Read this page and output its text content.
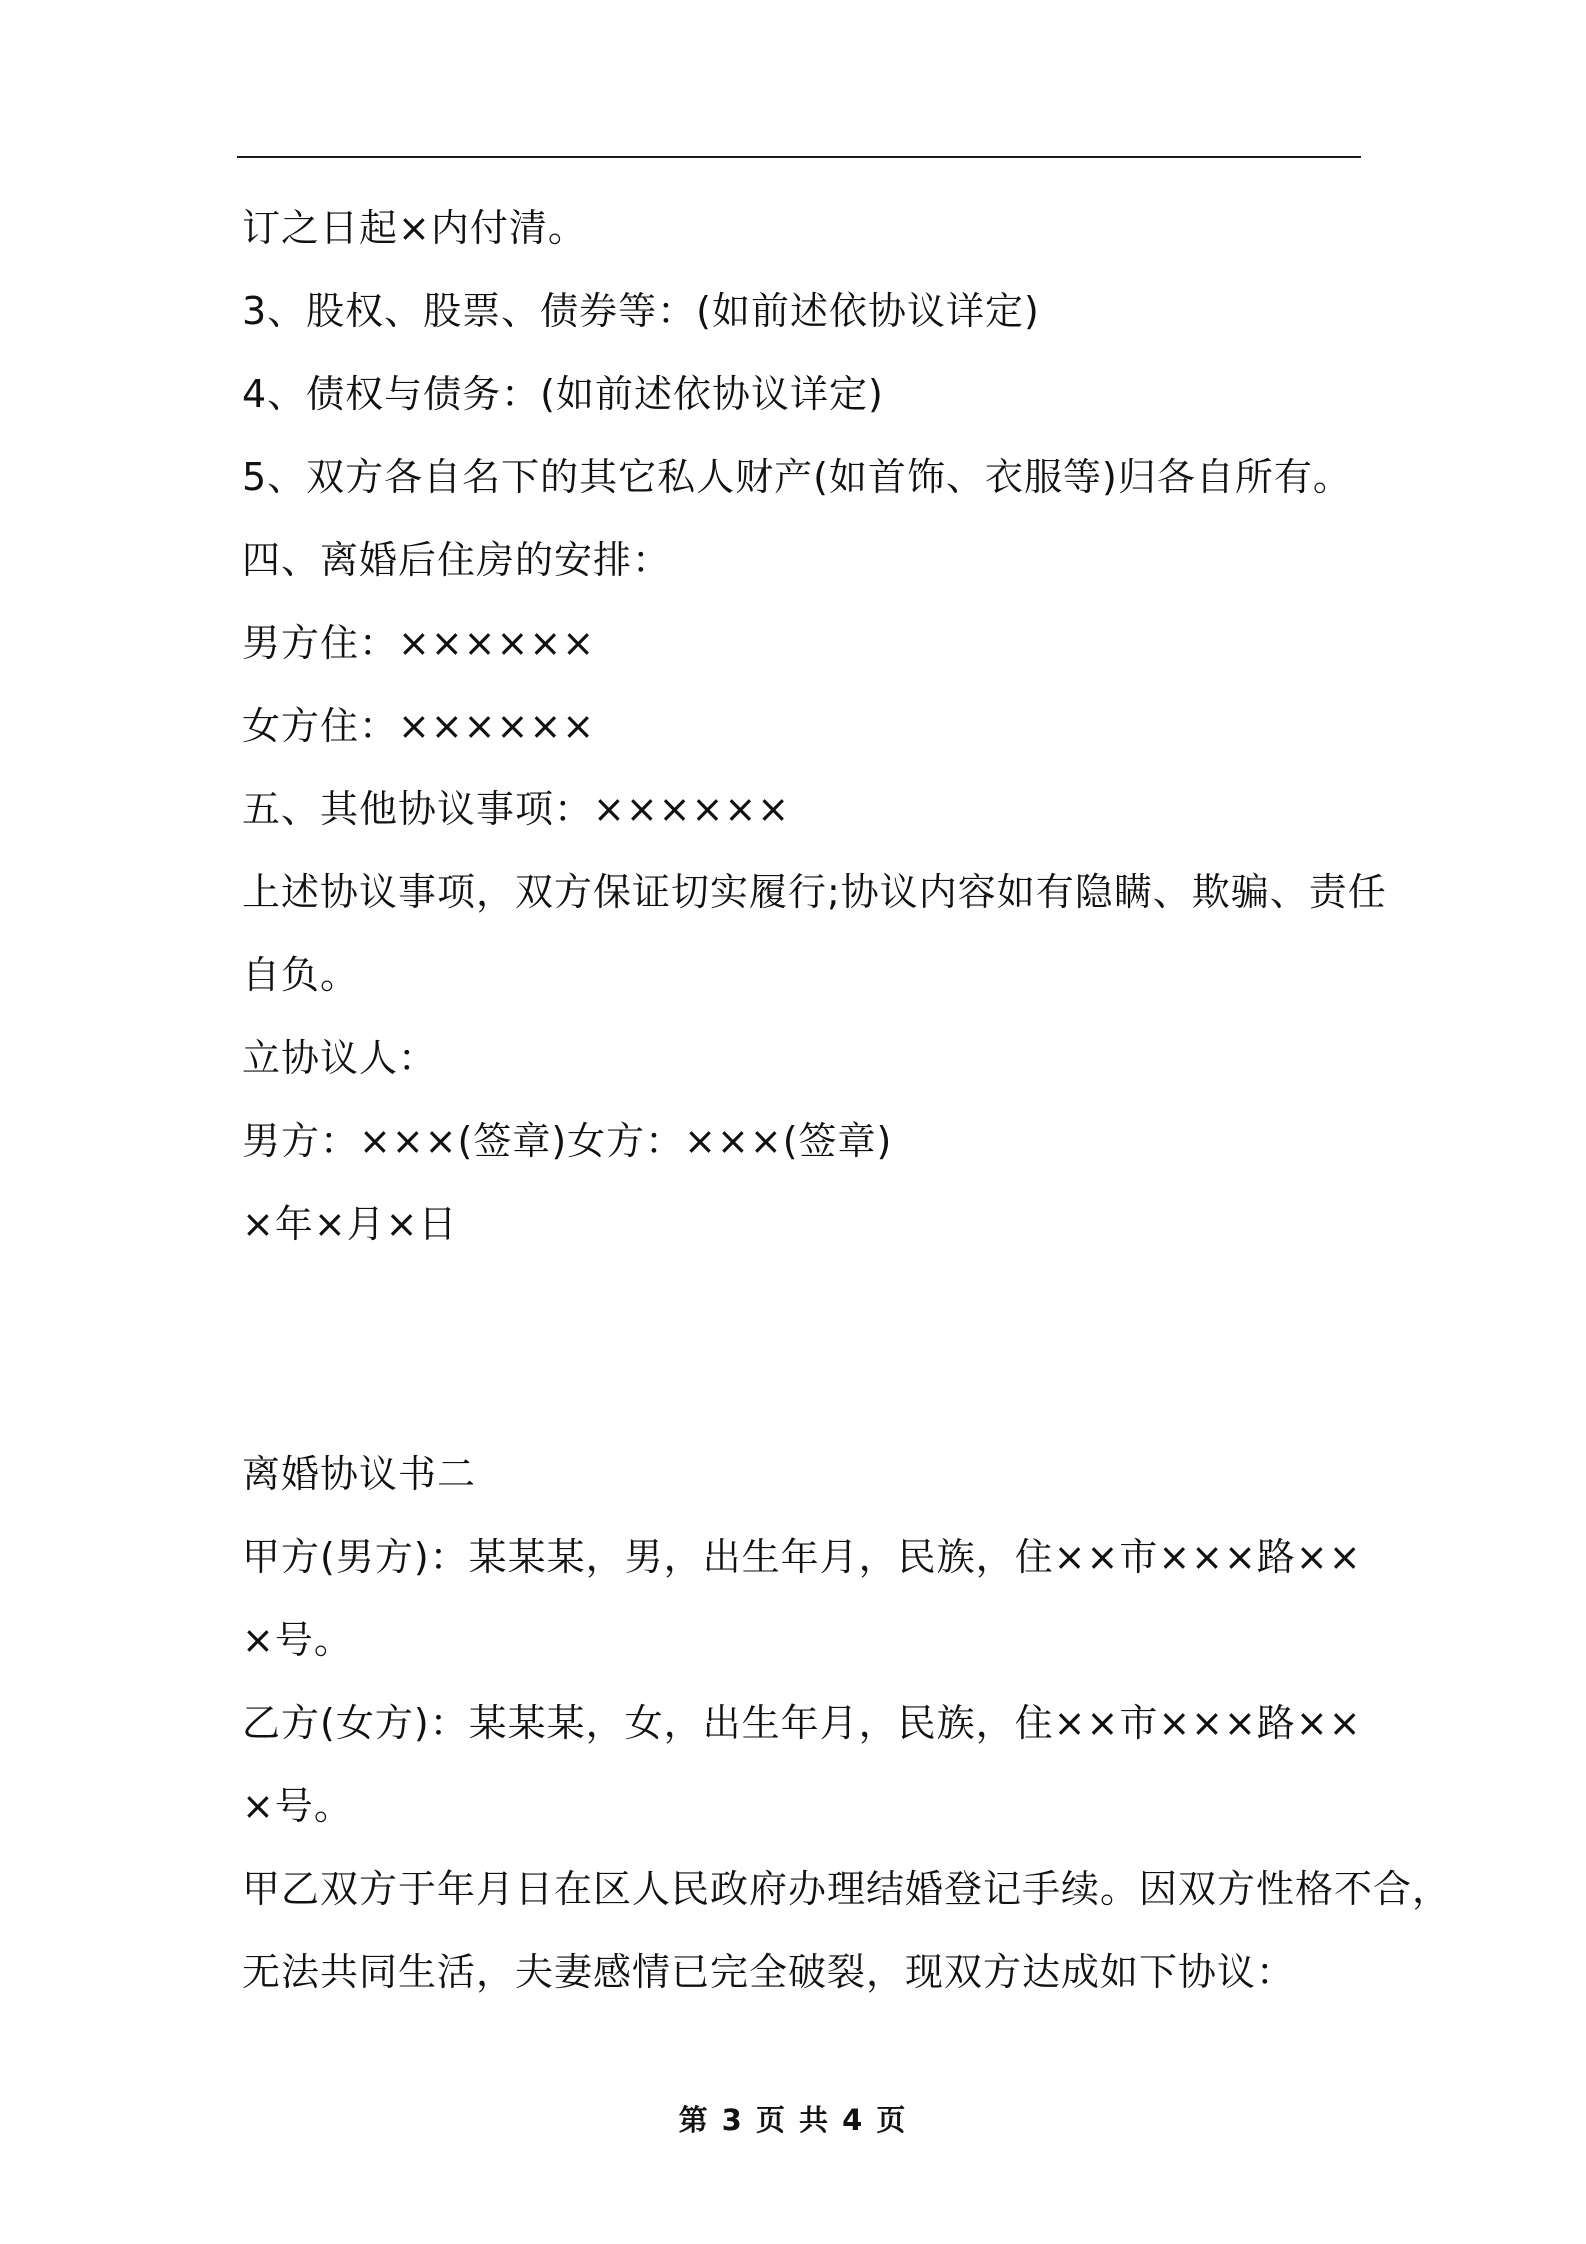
订之日起×内付清。
3、股权、股票、债券等：(如前述依协议详定)
4、债权与债务：(如前述依协议详定)
5、双方各自名下的其它私人财产(如首饰、衣服等)归各自所有。
四、离婚后住房的安排：
男方住：××××××
女方住：××××××
五、其他协议事项：××××××
上述协议事项，双方保证切实履行;协议内容如有隐瞒、欺骗、责任
自负。
立协议人：
男方：×××(签章)女方：×××(签章)
×年×月×日
离婚协议书二
甲方(男方)：某某某，男，出生年月，民族，住××市×××路××
×号。
乙方(女方)：某某某，女，出生年月，民族，住××市×××路××
×号。
甲乙双方于年月日在区人民政府办理结婚登记手续。因双方性格不合，
无法共同生活，夫妻感情已完全破裂，现双方达成如下协议：
第 3 页 共 4 页
